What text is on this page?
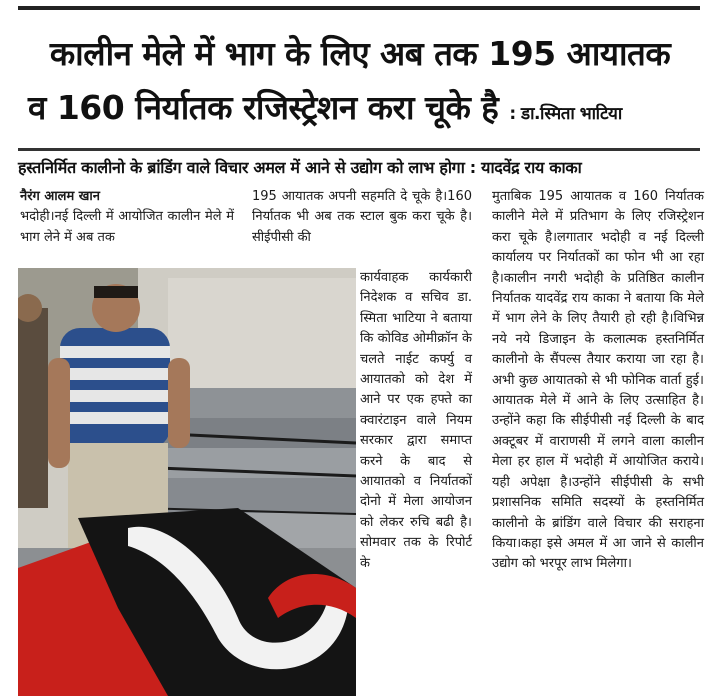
कालीन मेले में भाग के लिए अब तक 195 आयातक
व 160 निर्यातक रजिस्ट्रेशन करा चूके है : डा.स्मिता भाटिया
हस्तनिर्मित कालीनो के ब्रांडिंग वाले विचार अमल में आने से उद्योग को लाभ होगा : यादवेंद्र राय काका

नैरंग आलम खान

भदोही।नई दिल्ली में आयोजित कालीन मेले में भाग लेने में अब तक

195 आयातक अपनी सहमति दे चूके है।160 निर्यातक भी अब तक स्टाल बुक करा चूके है।सीईपीसी की

कार्यवाहक कार्यकारी निदेशक व सचिव डा. स्मिता भाटिया ने बताया कि कोविड ओमीक्रॉन के चलते नाईट कर्फ्यु व आयातको को देश में आने पर एक हफ्ते का क्वारंटाइन वाले नियम सरकार द्वारा समाप्त करने के बाद से आयातको व निर्यातकों दोनो में मेला आयोजन को लेकर रुचि बढी है।सोमवार तक के रिपोर्ट के

मुताबिक 195 आयातक व 160 निर्यातक कालीने मेले में प्रतिभाग के लिए रजिस्ट्रेशन करा चूके है।लगातार भदोही व नई दिल्ली कार्यालय पर निर्यातकों का फोन भी आ रहा है।कालीन नगरी भदोही के प्रतिष्ठित कालीन निर्यातक यादवेंद्र राय काका ने बताया कि मेले में भाग लेने के लिए तैयारी हो रही है।विभिन्न नये नये डिजाइन के कलात्मक हस्तनिर्मित कालीनो के सैंपल्स तैयार कराया जा रहा है।अभी कुछ आयातको से भी फोनिक वार्ता हुई।आयातक मेले में आने के लिए उत्साहित है।उन्होंने कहा कि सीईपीसी नई दिल्ली के बाद अक्टूबर में वाराणसी में लगने वाला कालीन मेला हर हाल में भदोही में आयोजित कराये।यही अपेक्षा है।उन्होंने सीईपीसी के सभी प्रशासनिक समिति सदस्यों के हस्तनिर्मित कालीनो के ब्रांडिंग वाले विचार की सराहना किया।कहा इसे अमल में आ जाने से कालीन उद्योग को भरपूर लाभ मिलेगा।
